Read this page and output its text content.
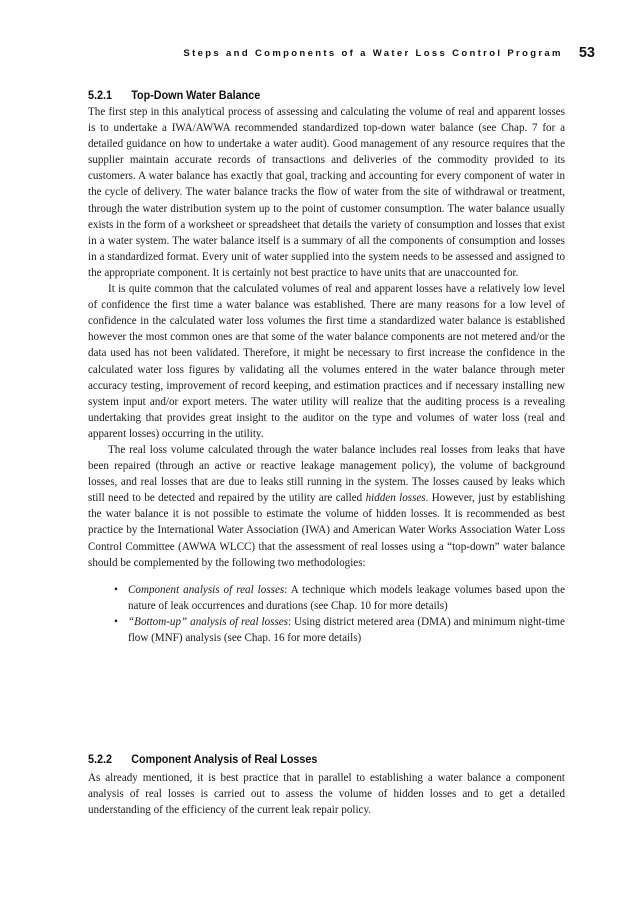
Steps and Components of a Water Loss Control Program 53
5.2.1 Top-Down Water Balance

The first step in this analytical process of assessing and calculating the volume of real and apparent losses is to undertake a IWA/AWWA recommended standardized top-down water balance (see Chap. 7 for a detailed guidance on how to undertake a water audit). Good management of any resource requires that the supplier maintain accurate records of transactions and deliveries of the commodity provided to its customers. A water balance has exactly that goal, tracking and accounting for every component of water in the cycle of delivery. The water balance tracks the flow of water from the site of withdrawal or treatment, through the water distribution system up to the point of customer consumption. The water balance usually exists in the form of a worksheet or spreadsheet that details the variety of consumption and losses that exist in a water system. The water balance itself is a summary of all the components of consumption and losses in a standardized format. Every unit of water supplied into the system needs to be assessed and assigned to the appropriate component. It is certainly not best practice to have units that are unaccounted for.

It is quite common that the calculated volumes of real and apparent losses have a relatively low level of confidence the first time a water balance was established. There are many reasons for a low level of confidence in the calculated water loss volumes the first time a standardized water balance is established however the most common ones are that some of the water balance components are not metered and/or the data used has not been validated. Therefore, it might be necessary to first increase the confidence in the calculated water loss figures by validating all the volumes entered in the water balance through meter accuracy testing, improvement of record keeping, and estimation practices and if necessary installing new system input and/or export meters. The water utility will realize that the auditing process is a revealing undertaking that provides great insight to the auditor on the type and volumes of water loss (real and apparent losses) occurring in the utility.

The real loss volume calculated through the water balance includes real losses from leaks that have been repaired (through an active or reactive leakage management policy), the volume of background losses, and real losses that are due to leaks still running in the system. The losses caused by leaks which still need to be detected and repaired by the utility are called hidden losses. However, just by establishing the water balance it is not possible to estimate the volume of hidden losses. It is recommended as best practice by the International Water Association (IWA) and American Water Works Association Water Loss Control Committee (AWWA WLCC) that the assessment of real losses using a “top-down” water balance should be complemented by the following two methodologies:

• Component analysis of real losses: A technique which models leakage volumes based upon the nature of leak occurrences and durations (see Chap. 10 for more details)
• “Bottom-up” analysis of real losses: Using district metered area (DMA) and minimum night-time flow (MNF) analysis (see Chap. 16 for more details)
5.2.2 Component Analysis of Real Losses

As already mentioned, it is best practice that in parallel to establishing a water balance a component analysis of real losses is carried out to assess the volume of hidden losses and to get a detailed understanding of the efficiency of the current leak repair policy.
